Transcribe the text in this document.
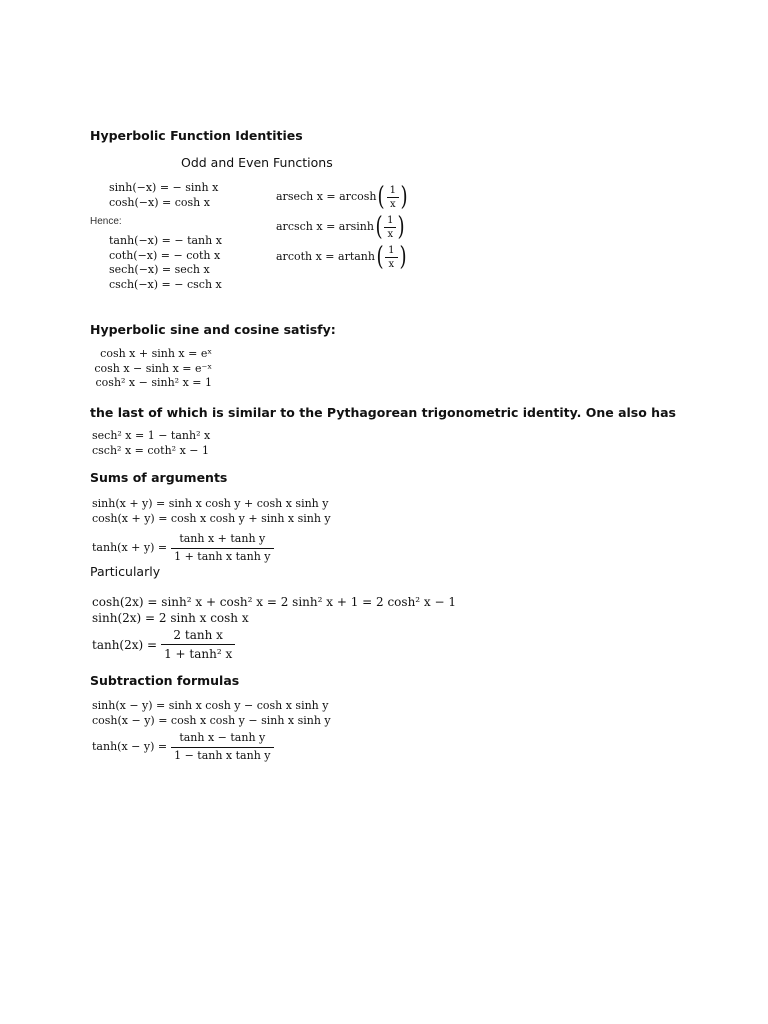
Hyperbolic Function Identities
Odd and Even Functions
sinh(−x) = − sinh x
cosh(−x) = cosh x
Hence:
tanh(−x) = − tanh x
coth(−x) = − coth x
sech(−x) = sech x
csch(−x) = − csch x
arsech x = arcosh ( $\frac{1}{x}$ )
arcsch x = arsinh ( $\frac{1}{x}$ )
arcoth x = artanh ( $\frac{1}{x}$ )
Hyperbolic sine and cosine satisfy:
cosh x + sinh x = eˣ
cosh x − sinh x = e⁻ˣ
cosh² x − sinh² x = 1
the last of which is similar to the Pythagorean trigonometric identity. One also has
sech² x = 1 − tanh² x
csch² x = coth² x − 1
Sums of arguments
sinh(x + y) = sinh x cosh y + cosh x sinh y
cosh(x + y) = cosh x cosh y + sinh x sinh y
$\tanh(x + y) = \frac{\text{tanh x + tanh y}}{\text{1 + tanh x tanh y}}$
Particularly
cosh(2x) = sinh² x + cosh² x = 2 sinh² x + 1 = 2 cosh² x − 1
sinh(2x) = 2 sinh x cosh x
$\tanh(2x) = \frac{\text{2 tanh x}}{\text{1 + tanh² x}}$
Subtraction formulas
sinh(x − y) = sinh x cosh y − cosh x sinh y
cosh(x − y) = cosh x cosh y − sinh x sinh y
$\tanh(x - y) = \frac{\text{tanh x − tanh y}}{\text{1 − tanh x tanh y}}$
